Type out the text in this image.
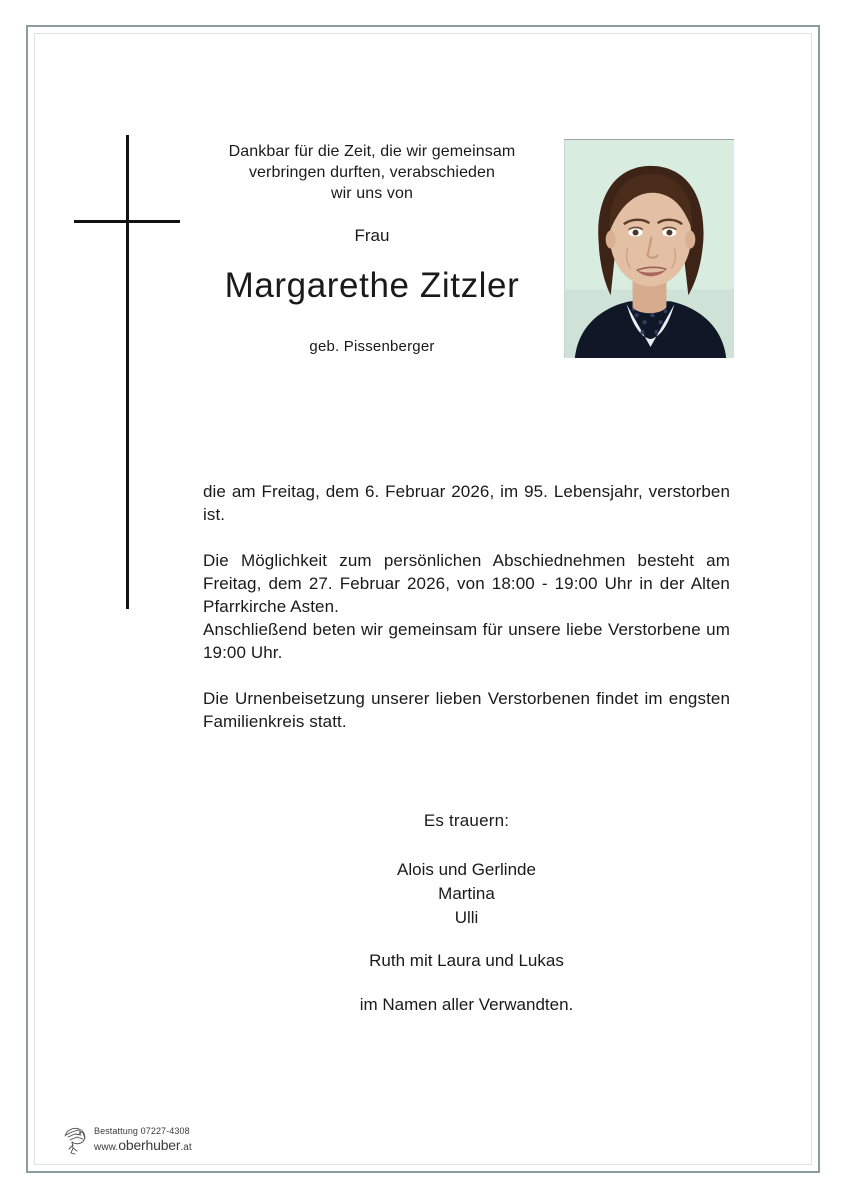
Dankbar für die Zeit, die wir gemeinsam
verbringen durften, verabschieden
wir uns von
Frau
Margarethe Zitzler
geb. Pissenberger

die am Freitag, dem 6. Februar 2026, im 95. Lebensjahr, verstorben ist.

Die Möglichkeit zum persönlichen Abschiednehmen besteht am Freitag, dem 27. Februar 2026, von 18:00 - 19:00 Uhr in der Alten Pfarrkirche Asten.

Anschließend beten wir gemeinsam für unsere liebe Verstorbene um 19:00 Uhr.

Die Urnenbeisetzung unserer lieben Verstorbenen findet im engsten Familienkreis statt.

Es trauern:
Alois und Gerlinde
Martina
Ulli
Ruth mit Laura und Lukas
im Namen aller Verwandten.
Bestattung 07227-4308
www.oberhuber.at
